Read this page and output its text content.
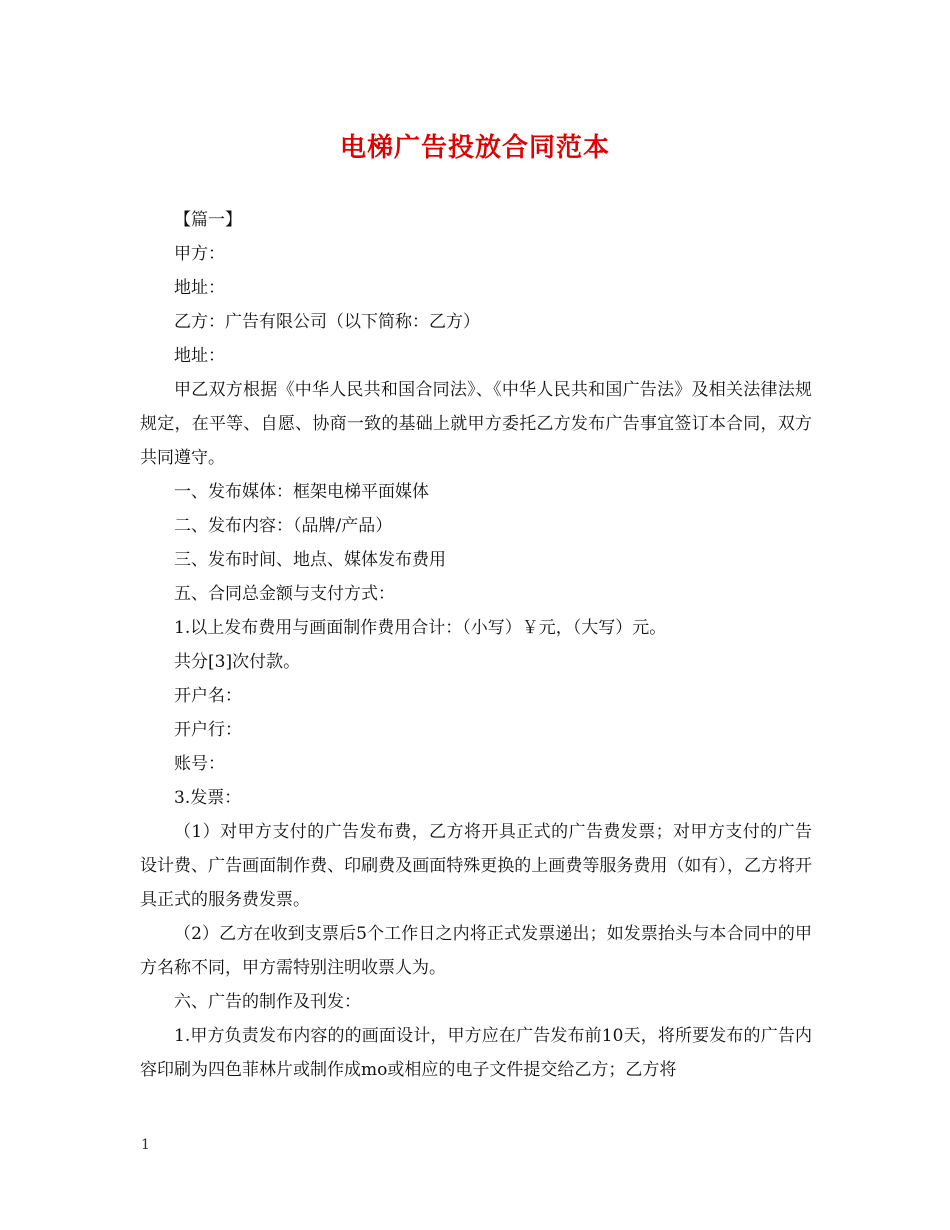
电梯广告投放合同范本

【篇一】

甲方：

地址：

乙方：广告有限公司（以下简称：乙方）

地址：

甲乙双方根据《中华人民共和国合同法》、《中华人民共和国广告法》及相关法律法规规定，在平等、自愿、协商一致的基础上就甲方委托乙方发布广告事宜签订本合同，双方共同遵守。

一、发布媒体：框架电梯平面媒体

二、发布内容：（品牌/产品）

三、发布时间、地点、媒体发布费用

五、合同总金额与支付方式：

1.以上发布费用与画面制作费用合计：（小写）￥元，（大写）元。

共分[3]次付款。

开户名：

开户行：

账号：

3.发票：

（1）对甲方支付的广告发布费，乙方将开具正式的广告费发票；对甲方支付的广告设计费、广告画面制作费、印刷费及画面特殊更换的上画费等服务费用（如有），乙方将开具正式的服务费发票。

（2）乙方在收到支票后5个工作日之内将正式发票递出；如发票抬头与本合同中的甲方名称不同，甲方需特别注明收票人为。

六、广告的制作及刊发：

1.甲方负责发布内容的的画面设计，甲方应在广告发布前10天，将所要发布的广告内容印刷为四色菲林片或制作成mo或相应的电子文件提交给乙方；乙方将

1
